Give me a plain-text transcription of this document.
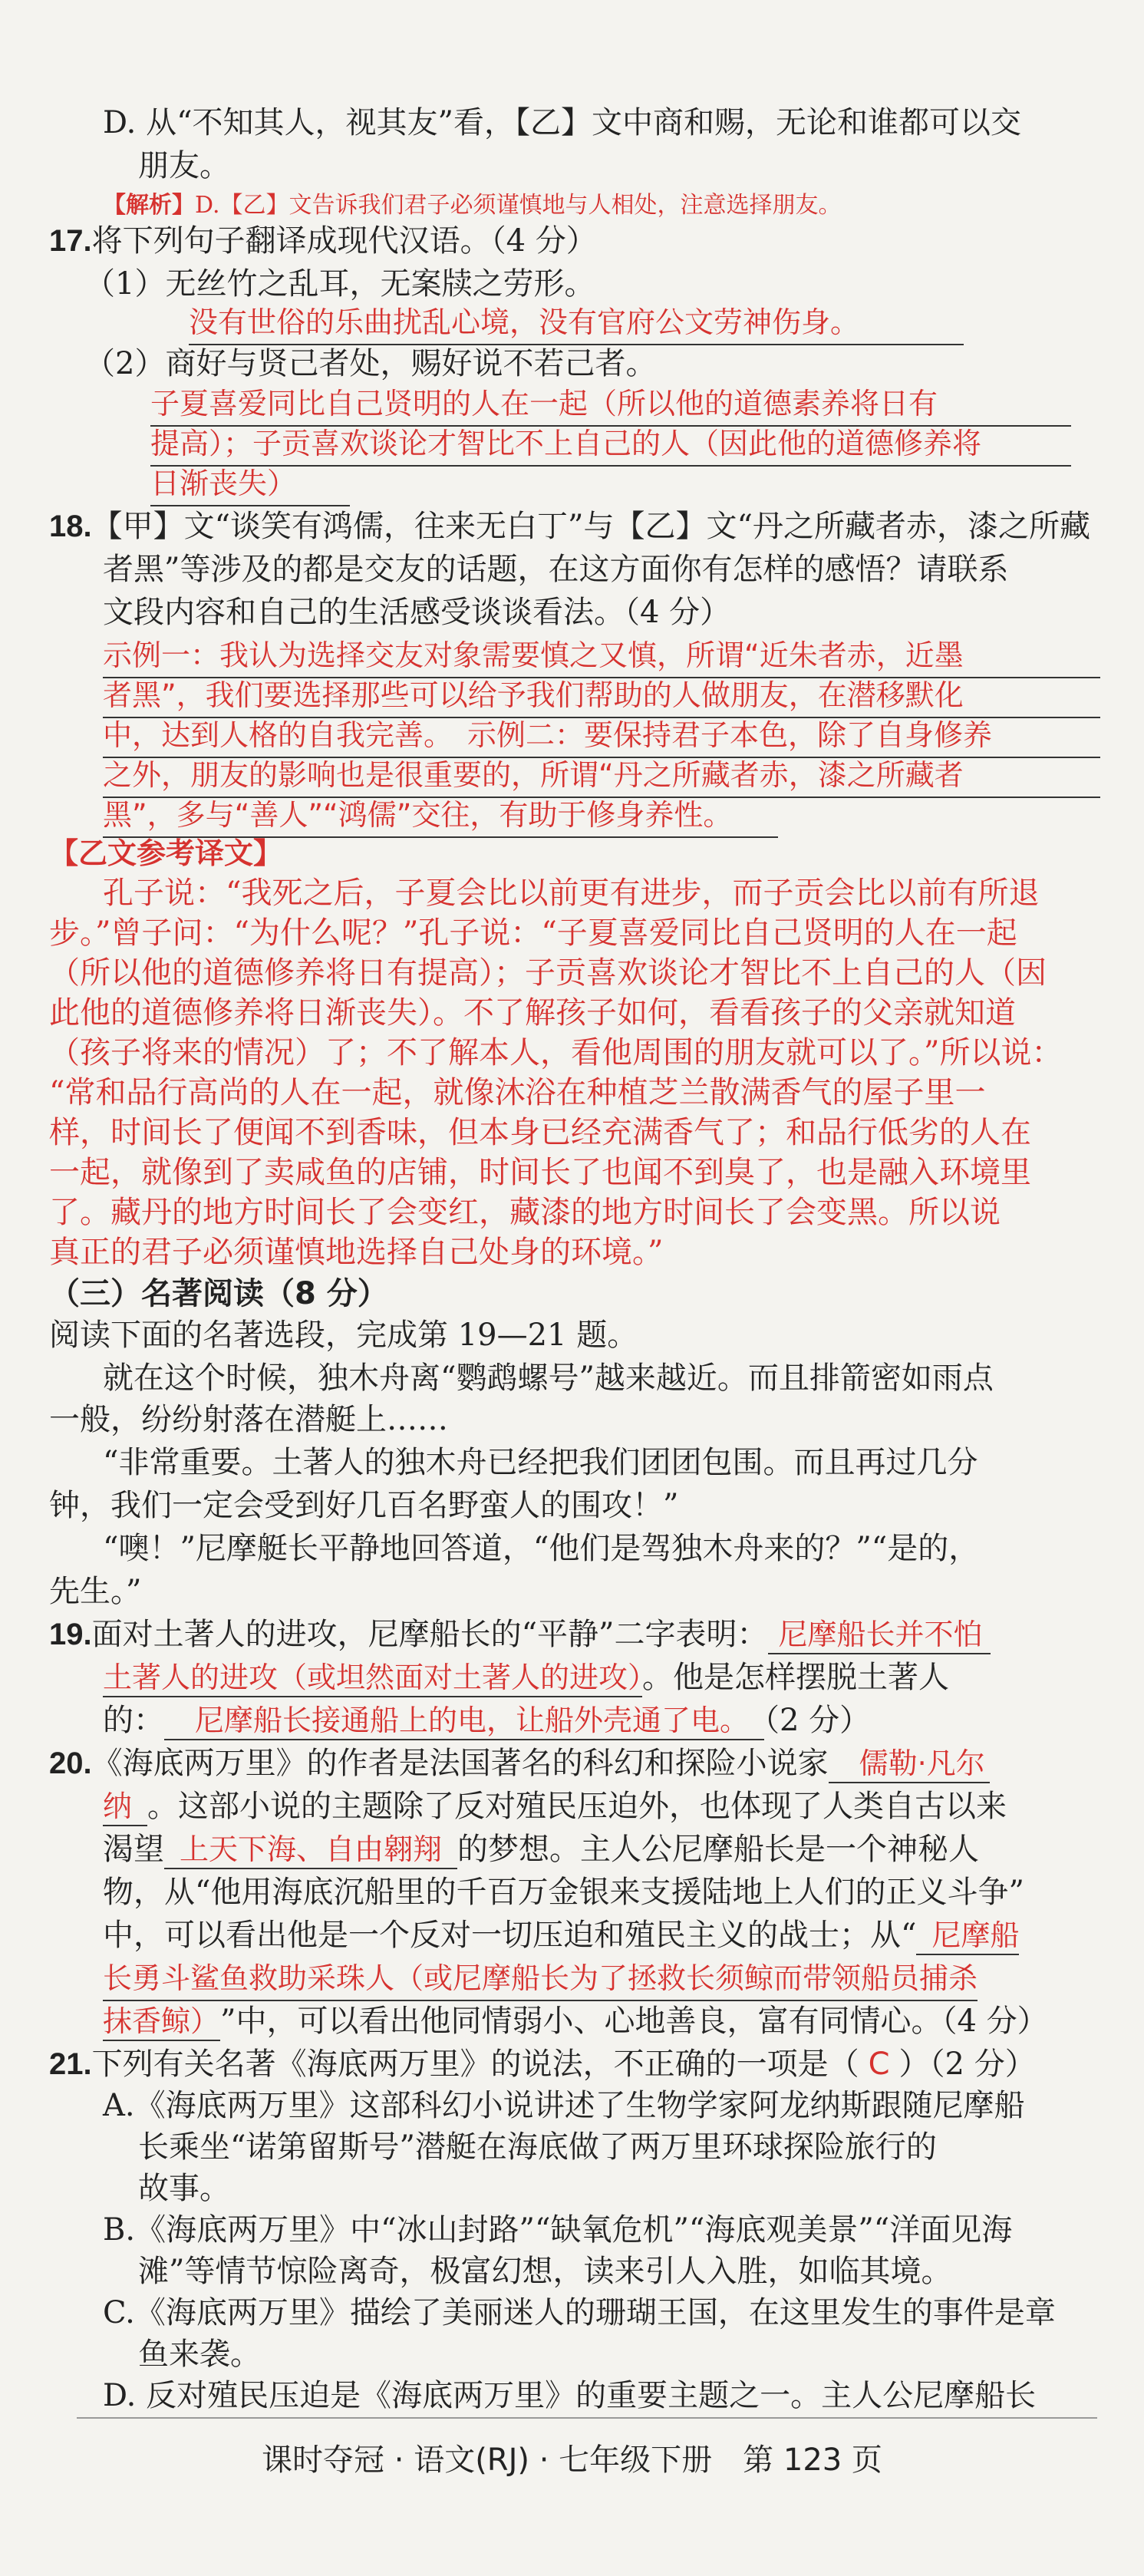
D. 从“不知其人，视其友”看，【乙】文中商和赐，无论和谁都可以交
朋友。
【解析】D.【乙】文告诉我们君子必须谨慎地与人相处，注意选择朋友。
17.将下列句子翻译成现代汉语。（4 分）
（1）无丝竹之乱耳，无案牍之劳形。
没有世俗的乐曲扰乱心境，没有官府公文劳神伤身。
（2）商好与贤己者处，赐好说不若己者。
子夏喜爱同比自己贤明的人在一起（所以他的道德素养将日有
提高）；子贡喜欢谈论才智比不上自己的人（因此他的道德修养将
日渐丧失）
18.【甲】文“谈笑有鸿儒，往来无白丁”与【乙】文“丹之所藏者赤，漆之所藏
者黑”等涉及的都是交友的话题，在这方面你有怎样的感悟？请联系
文段内容和自己的生活感受谈谈看法。（4 分）
示例一：我认为选择交友对象需要慎之又慎，所谓“近朱者赤，近墨
者黑”，我们要选择那些可以给予我们帮助的人做朋友，在潜移默化
中，达到人格的自我完善。　示例二：要保持君子本色，除了自身修养
之外，朋友的影响也是很重要的，所谓“丹之所藏者赤，漆之所藏者
黑”，多与“善人”“鸿儒”交往，有助于修身养性。
【乙文参考译文】
孔子说：“我死之后，子夏会比以前更有进步，而子贡会比以前有所退
步。”曾子问：“为什么呢？”孔子说：“子夏喜爱同比自己贤明的人在一起
（所以他的道德修养将日有提高）；子贡喜欢谈论才智比不上自己的人（因
此他的道德修养将日渐丧失）。不了解孩子如何，看看孩子的父亲就知道
（孩子将来的情况）了；不了解本人，看他周围的朋友就可以了。”所以说：
“常和品行高尚的人在一起，就像沐浴在种植芝兰散满香气的屋子里一
样，时间长了便闻不到香味，但本身已经充满香气了；和品行低劣的人在
一起，就像到了卖咸鱼的店铺，时间长了也闻不到臭了，也是融入环境里
了。藏丹的地方时间长了会变红，藏漆的地方时间长了会变黑。所以说
真正的君子必须谨慎地选择自己处身的环境。”
（三）名著阅读（8 分）
阅读下面的名著选段，完成第 19—21 题。
就在这个时候，独木舟离“鹦鹉螺号”越来越近。而且排箭密如雨点
一般，纷纷射落在潜艇上……
“非常重要。土著人的独木舟已经把我们团团包围。而且再过几分
钟，我们一定会受到好几百名野蛮人的围攻！”
“噢！”尼摩艇长平静地回答道，“他们是驾独木舟来的？”“是的，
先生。”
19.面对土著人的进攻，尼摩船长的“平静”二字表明： 尼摩船长并不怕
土著人的进攻（或坦然面对土著人的进攻）。他是怎样摆脱土著人
的： 尼摩船长接通船上的电，让船外壳通了电。 （2 分）
20.《海底两万里》的作者是法国著名的科幻和探险小说家 儒勒·凡尔
纳 。这部小说的主题除了反对殖民压迫外，也体现了人类自古以来
渴望 上天下海、自由翱翔 的梦想。主人公尼摩船长是一个神秘人
物，从“他用海底沉船里的千百万金银来支援陆地上人们的正义斗争”
中，可以看出他是一个反对一切压迫和殖民主义的战士；从“ 尼摩船
长勇斗鲨鱼救助采珠人（或尼摩船长为了拯救长须鲸而带领船员捕杀
抹香鲸） ”中，可以看出他同情弱小、心地善良，富有同情心。（4 分）
21.下列有关名著《海底两万里》的说法，不正确的一项是（ C ）（2 分）
A.《海底两万里》这部科幻小说讲述了生物学家阿龙纳斯跟随尼摩船
长乘坐“诺第留斯号”潜艇在海底做了两万里环球探险旅行的
故事。
B.《海底两万里》中“冰山封路”“缺氧危机”“海底观美景”“洋面见海
滩”等情节惊险离奇，极富幻想，读来引人入胜，如临其境。
C.《海底两万里》描绘了美丽迷人的珊瑚王国，在这里发生的事件是章
鱼来袭。
D. 反对殖民压迫是《海底两万里》的重要主题之一。主人公尼摩船长
课时夺冠 · 语文(RJ) · 七年级下册　第 123 页
